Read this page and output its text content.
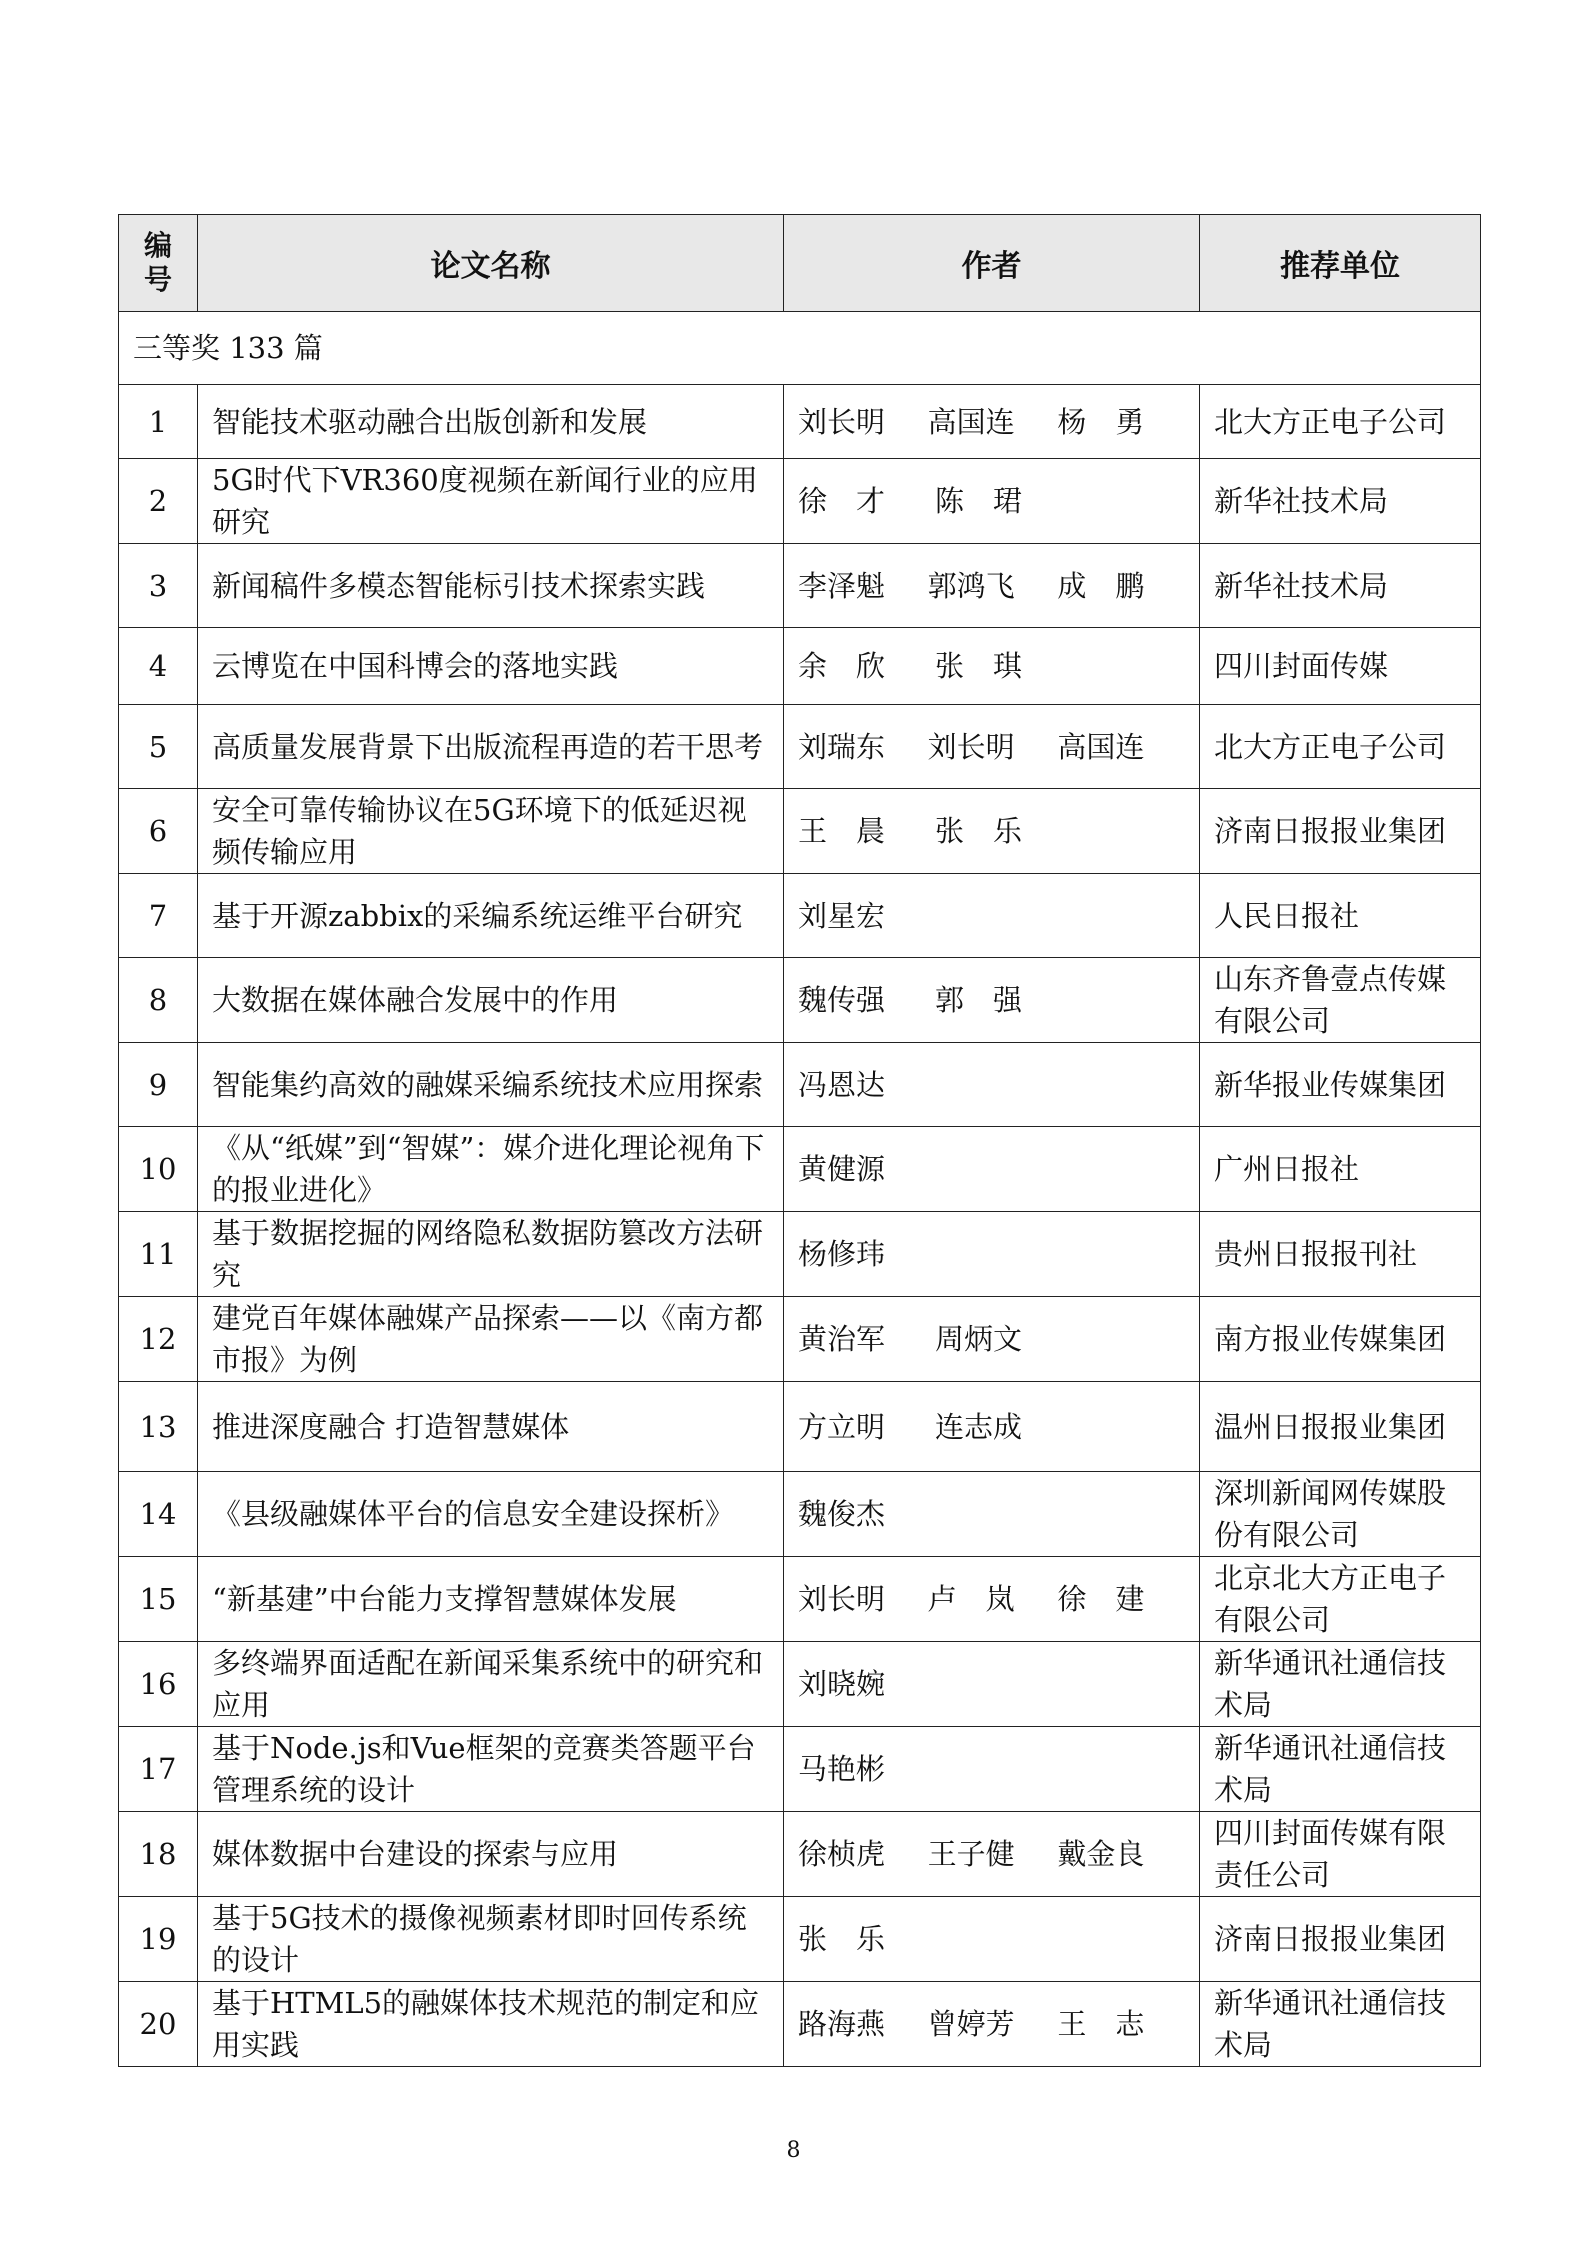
编号	论文名称	作者	推荐单位
三等奖 133 篇			
1	智能技术驱动融合出版创新和发展	刘长明 高国连 杨　勇	北大方正电子公司
2	5G时代下VR360度视频在新闻行业的应用研究	徐　才 陈　珺	新华社技术局
3	新闻稿件多模态智能标引技术探索实践	李泽魁 郭鸿飞 成　鹏	新华社技术局
4	云博览在中国科博会的落地实践	余　欣 张　琪	四川封面传媒
5	高质量发展背景下出版流程再造的若干思考	刘瑞东 刘长明 高国连	北大方正电子公司
6	安全可靠传输协议在5G环境下的低延迟视频传输应用	王　晨 张　乐	济南日报报业集团
7	基于开源zabbix的采编系统运维平台研究	刘星宏	人民日报社
8	大数据在媒体融合发展中的作用	魏传强 郭　强	山东齐鲁壹点传媒有限公司
9	智能集约高效的融媒采编系统技术应用探索	冯恩达	新华报业传媒集团
10	《从“纸媒”到“智媒”：媒介进化理论视角下的报业进化》	黄健源	广州日报社
11	基于数据挖掘的网络隐私数据防篡改方法研究	杨修玮	贵州日报报刊社
12	建党百年媒体融媒产品探索——以《南方都市报》为例	黄治军 周炳文	南方报业传媒集团
13	推进深度融合 打造智慧媒体	方立明 连志成	温州日报报业集团
14	《县级融媒体平台的信息安全建设探析》	魏俊杰	深圳新闻网传媒股份有限公司
15	“新基建”中台能力支撑智慧媒体发展	刘长明 卢　岚 徐　建	北京北大方正电子有限公司
16	多终端界面适配在新闻采集系统中的研究和应用	刘晓婉	新华通讯社通信技术局
17	基于Node.js和Vue框架的竞赛类答题平台管理系统的设计	马艳彬	新华通讯社通信技术局
18	媒体数据中台建设的探索与应用	徐桢虎 王子健 戴金良	四川封面传媒有限责任公司
19	基于5G技术的摄像视频素材即时回传系统的设计	张　乐	济南日报报业集团
20	基于HTML5的融媒体技术规范的制定和应用实践	路海燕 曾婷芳 王　志	新华通讯社通信技术局
8
